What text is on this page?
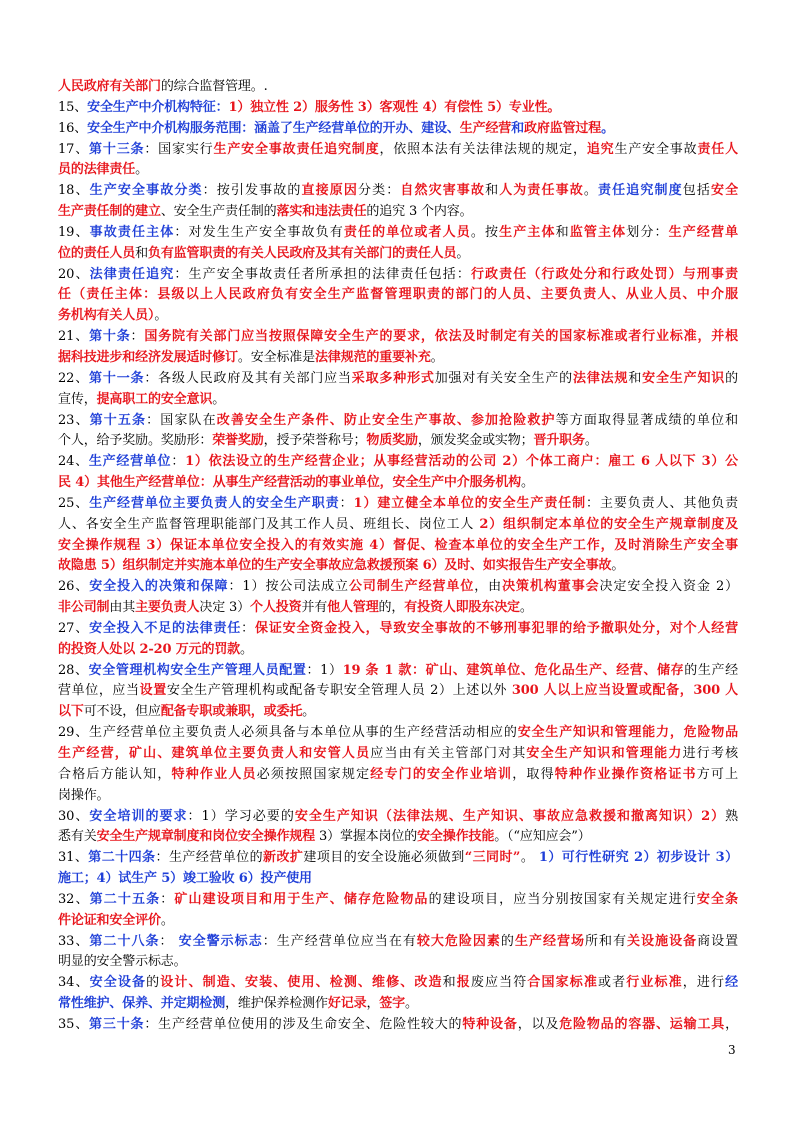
人民政府有关部门的综合监督管理。.
15、安全生产中介机构特征：1）独立性 2）服务性 3）客观性 4）有偿性 5）专业性。
16、安全生产中介机构服务范围：涵盖了生产经营单位的开办、建设、生产经营和政府监管过程。
17、第十三条：国家实行生产安全事故责任追究制度，依照本法有关法律法规的规定，追究生产安全事故责任人
员的法律责任。
18、生产安全事故分类：按引发事故的直接原因分类：自然灾害事故和人为责任事故。责任追究制度包括安全
生产责任制的建立、安全生产责任制的落实和违法责任的追究 3 个内容。
19、事故责任主体：对发生生产安全事故负有责任的单位或者人员。按生产主体和监管主体划分：生产经营单
位的责任人员和负有监管职责的有关人民政府及其有关部门的责任人员。
20、法律责任追究：生产安全事故责任者所承担的法律责任包括：行政责任（行政处分和行政处罚）与刑事责
任（责任主体：县级以上人民政府负有安全生产监督管理职责的部门的人员、主要负责人、从业人员、中介服
务机构有关人员）。
21、第十条：国务院有关部门应当按照保障安全生产的要求，依法及时制定有关的国家标准或者行业标准，并根
据科技进步和经济发展适时修订。安全标准是法律规范的重要补充。
22、第十一条：各级人民政府及其有关部门应当采取多种形式加强对有关安全生产的法律法规和安全生产知识的
宣传，提高职工的安全意识。
23、第十五条：国家队在改善安全生产条件、防止安全生产事故、参加抢险救护等方面取得显著成绩的单位和
个人，给予奖励。奖励形：荣誉奖励，授予荣誉称号；物质奖励，颁发奖金或实物；晋升职务。
24、生产经营单位：1）依法设立的生产经营企业；从事经营活动的公司 2）个体工商户：雇工 6 人以下 3）公
民 4）其他生产经营单位：从事生产经营活动的事业单位，安全生产中介服务机构。
25、生产经营单位主要负责人的安全生产职责：1）建立健全本单位的安全生产责任制：主要负责人、其他负责
人、各安全生产监督管理职能部门及其工作人员、班组长、岗位工人 2）组织制定本单位的安全生产规章制度及
安全操作规程 3）保证本单位安全投入的有效实施 4）督促、检查本单位的安全生产工作，及时消除生产安全事
故隐患 5）组织制定并实施本单位的生产安全事故应急救援预案 6）及时、如实报告生产安全事故。
26、安全投入的决策和保障：1）按公司法成立公司制生产经营单位，由决策机构董事会决定安全投入资金 2）
非公司制由其主要负责人决定 3）个人投资并有他人管理的，有投资人即股东决定。
27、安全投入不足的法律责任：保证安全资金投入，导致安全事故的不够刑事犯罪的给予撤职处分，对个人经营
的投资人处以 2-20 万元的罚款。
28、安全管理机构安全生产管理人员配置：1）19 条 1 款：矿山、建筑单位、危化品生产、经营、储存的生产经
营单位，应当设置安全生产管理机构或配备专职安全管理人员 2）上述以外 300 人以上应当设置或配备，300 人
以下可不设，但应配备专职或兼职，或委托。
29、生产经营单位主要负责人必须具备与本单位从事的生产经营活动相应的安全生产知识和管理能力，危险物品
生产经营，矿山、建筑单位主要负责人和安管人员应当由有关主管部门对其安全生产知识和管理能力进行考核
合格后方能认知，特种作业人员必须按照国家规定经专门的安全作业培训，取得特种作业操作资格证书方可上
岗操作。
30、安全培训的要求：1）学习必要的安全生产知识（法律法规、生产知识、事故应急救援和撤离知识）2）熟
悉有关安全生产规章制度和岗位安全操作规程 3）掌握本岗位的安全操作技能。（“应知应会”）
31、第二十四条：生产经营单位的新改扩建项目的安全设施必须做到“三同时”。 1）可行性研究 2）初步设计 3）
施工；4）试生产 5）竣工验收 6）投产使用
32、第二十五条：矿山建设项目和用于生产、储存危险物品的建设项目，应当分别按国家有关规定进行安全条
件论证和安全评价。
33、第二十八条： 安全警示标志：生产经营单位应当在有较大危险因素的生产经营场所和有关设施设备商设置
明显的安全警示标志。
34、安全设备的设计、制造、安装、使用、检测、维修、改造和报废应当符合国家标准或者行业标准，进行经
常性维护、保养、并定期检测，维护保养检测作好记录，签字。
35、第三十条：生产经营单位使用的涉及生命安全、危险性较大的特种设备，以及危险物品的容器、运输工具，
3
